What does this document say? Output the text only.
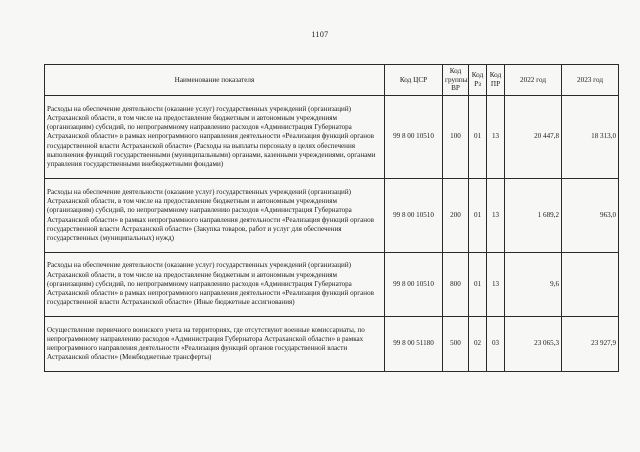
1107
Наименование показателя	Код ЦСР	Код группы ВР	Код Рз	Код ПР	2022 год	2023 год
Расходы на обеспечение деятельности (оказание услуг) государственных учреждений (организаций) Астраханской области, в том числе на предоставление бюджетным и автономным учреждениям (организациям) субсидий, по непрограммному направлению расходов «Администрация Губернатора Астраханской области» в рамках непрограммного направления деятельности «Реализация функций органов государственной власти Астраханской области» (Расходы на выплаты персоналу в целях обеспечения выполнения функций государственными (муниципальными) органами, казенными учреждениями, органами управления государственными внебюджетными фондами)	99 8 00 10510	100	01	13	20 447,8	18 313,0
Расходы на обеспечение деятельности (оказание услуг) государственных учреждений (организаций) Астраханской области, в том числе на предоставление бюджетным и автономным учреждениям (организациям) субсидий, по непрограммному направлению расходов «Администрация Губернатора Астраханской области» в рамках непрограммного направления деятельности «Реализация функций органов государственной власти Астраханской области» (Закупка товаров, работ и услуг для обеспечения государственных (муниципальных) нужд)	99 8 00 10510	200	01	13	1 689,2	963,0
Расходы на обеспечение деятельности (оказание услуг) государственных учреждений (организаций) Астраханской области, в том числе на предоставление бюджетным и автономным учреждениям (организациям) субсидий, по непрограммному направлению расходов «Администрация Губернатора Астраханской области» в рамках непрограммного направления деятельности «Реализация функций органов государственной власти Астраханской области» (Иные бюджетные ассигнования)	99 8 00 10510	800	01	13	9,6	
Осуществление первичного воинского учета на территориях, где отсутствуют военные комиссариаты, по непрограммному направлению расходов «Администрация Губернатора Астраханской области» в рамках непрограммного направления деятельности «Реализация функций органов государственной власти Астраханской области» (Межбюджетные трансферты)	99 8 00 51180	500	02	03	23 065,3	23 927,9
